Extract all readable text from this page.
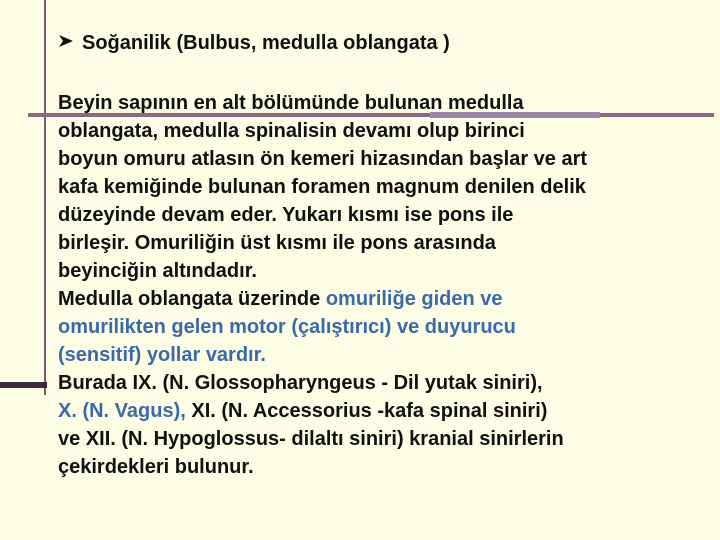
Soğanilik (Bulbus, medulla oblangata )
Beyin sapının en alt bölümünde bulunan medulla
oblangata, medulla spinalisin devamı olup birinci
boyun omuru atlasın ön kemeri hizasından başlar ve art
kafa kemiğinde bulunan foramen magnum denilen delik
düzeyinde devam eder. Yukarı kısmı ise pons ile
birleşir. Omuriliğin üst kısmı ile pons arasında
beyinciğin altındadır.
Medulla oblangata üzerinde omuriliğe giden ve
omurilikten gelen motor (çalıştırıcı) ve duyurucu
(sensitif) yollar vardır.
Burada IX. (N. Glossopharyngeus - Dil yutak siniri),
X. (N. Vagus), XI. (N. Accessorius -kafa spinal siniri)
ve XII. (N. Hypoglossus- dilaltı siniri) kranial sinirlerin
çekirdekleri bulunur.
